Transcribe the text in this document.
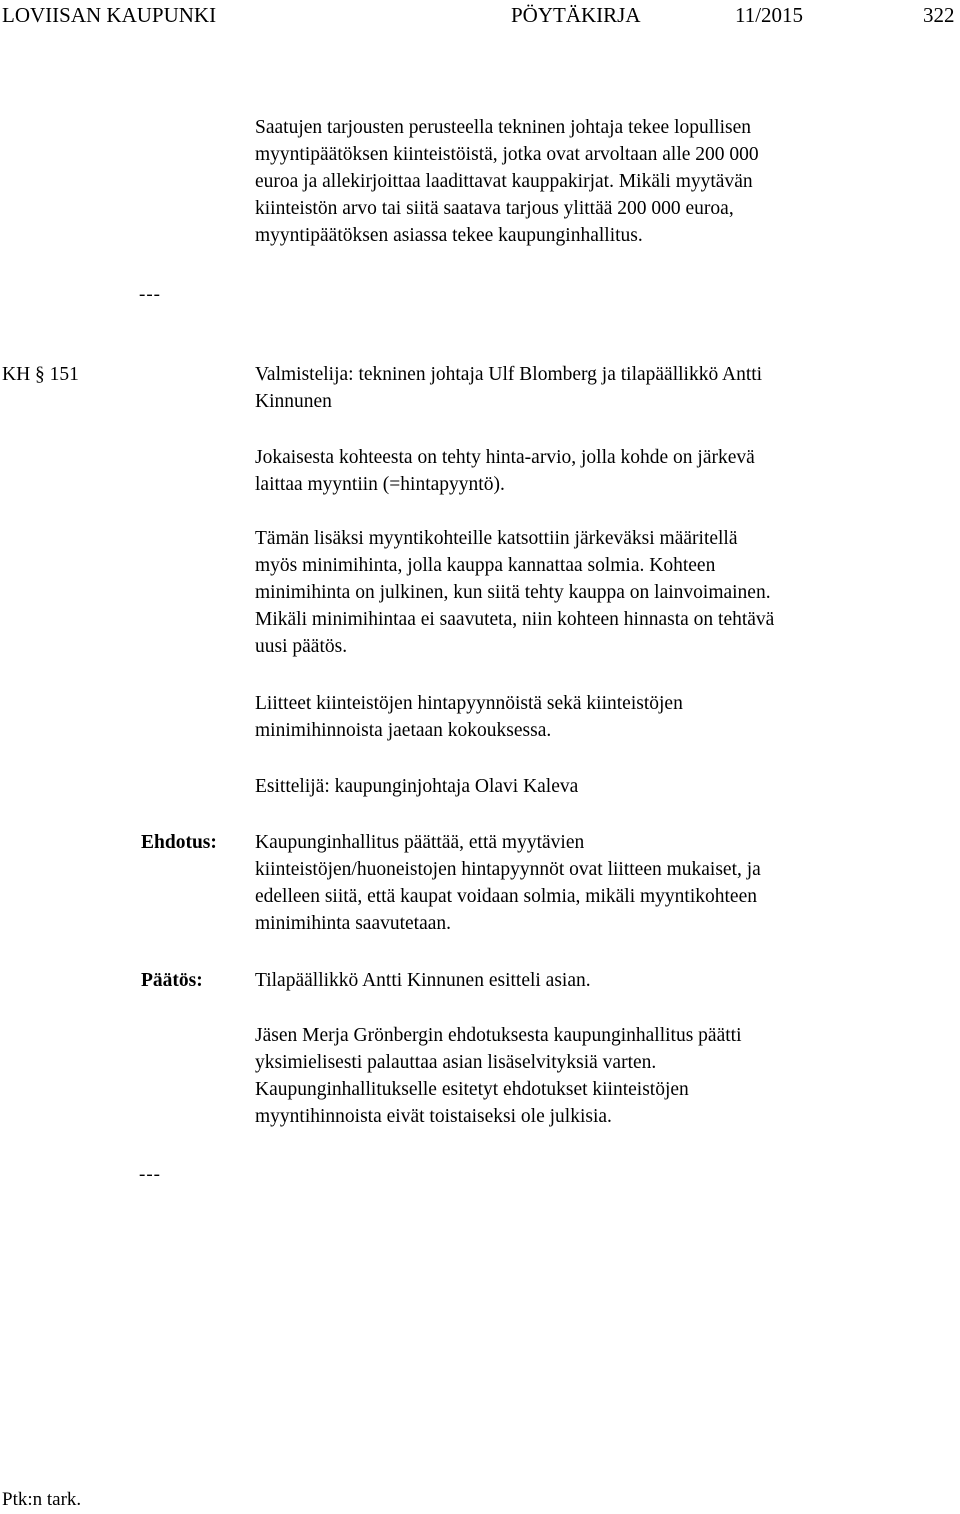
LOVIISAN KAUPUNKI	PÖYTÄKIRJA	11/2015	322
Saatujen tarjousten perusteella tekninen johtaja tekee lopullisen
myyntipäätöksen kiinteistöistä, jotka ovat arvoltaan alle 200 000
euroa ja allekirjoittaa laadittavat kauppakirjat. Mikäli myytävän
kiinteistön arvo tai siitä saatava tarjous ylittää 200 000 euroa,
myyntipäätöksen asiassa tekee kaupunginhallitus.
---
KH § 151	Valmistelija: tekninen johtaja Ulf Blomberg ja tilapäällikkö Antti
Kinnunen
Jokaisesta kohteesta on tehty hinta-arvio, jolla kohde on järkevä
laittaa myyntiin (=hintapyyntö).
Tämän lisäksi myyntikohteille katsottiin järkeväksi määritellä
myös minimihinta, jolla kauppa kannattaa solmia. Kohteen
minimihinta on julkinen, kun siitä tehty kauppa on lainvoimainen.
Mikäli minimihintaa ei saavuteta, niin kohteen hinnasta on tehtävä
uusi päätös.
Liitteet kiinteistöjen hintapyynnöistä sekä kiinteistöjen
minimihinnoista jaetaan kokouksessa.
Esittelijä: kaupunginjohtaja Olavi Kaleva
Ehdotus: Kaupunginhallitus päättää, että myytävien
kiinteistöjen/huoneistojen hintapyynnöt ovat liitteen mukaiset, ja
edelleen siitä, että kaupat voidaan solmia, mikäli myyntikohteen
minimihinta saavutetaan.
Päätös:	Tilapäällikkö Antti Kinnunen esitteli asian.
Jäsen Merja Grönbergin ehdotuksesta kaupunginhallitus päätti
yksimielisesti palauttaa asian lisäselvityksiä varten.
Kaupunginhallitukselle esitetyt ehdotukset kiinteistöjen
myyntihinnoista eivät toistaiseksi ole julkisia.
---
Ptk:n tark.
